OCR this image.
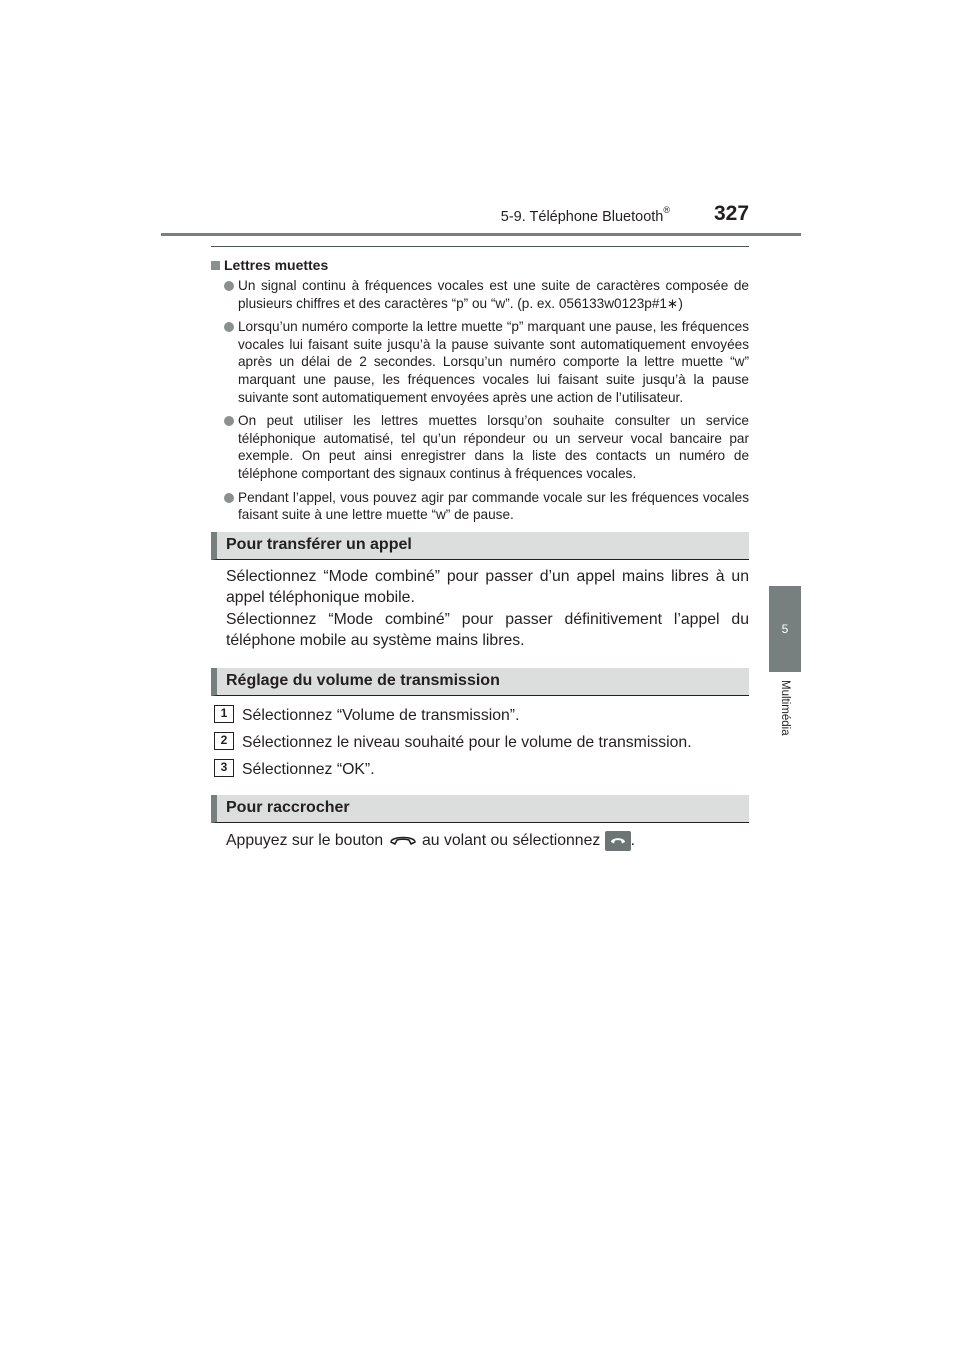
5-9. Téléphone Bluetooth® 327
5
Multimédia
Lettres muettes
Un signal continu à fréquences vocales est une suite de caractères composée de plusieurs chiffres et des caractères “p” ou “w”. (p. ex. 056133w0123p#1∗)
Lorsqu’un numéro comporte la lettre muette “p” marquant une pause, les fréquences vocales lui faisant suite jusqu’à la pause suivante sont automatiquement envoyées après un délai de 2 secondes. Lorsqu’un numéro comporte la lettre muette “w” marquant une pause, les fréquences vocales lui faisant suite jusqu’à la pause suivante sont automatiquement envoyées après une action de l’utilisateur.
On peut utiliser les lettres muettes lorsqu’on souhaite consulter un service téléphonique automatisé, tel qu’un répondeur ou un serveur vocal bancaire par exemple. On peut ainsi enregistrer dans la liste des contacts un numéro de téléphone comportant des signaux continus à fréquences vocales.
Pendant l’appel, vous pouvez agir par commande vocale sur les fréquences vocales faisant suite à une lettre muette “w” de pause.
Pour transférer un appel

Sélectionnez “Mode combiné” pour passer d’un appel mains libres à un appel téléphonique mobile.

Sélectionnez “Mode combiné” pour passer définitivement l’appel du téléphone mobile au système mains libres.

Réglage du volume de transmission
1 Sélectionnez “Volume de transmission”.
2 Sélectionnez le niveau souhaité pour le volume de transmission.
3 Sélectionnez “OK”.
Pour raccrocher

Appuyez sur le bouton au volant ou sélectionnez .
